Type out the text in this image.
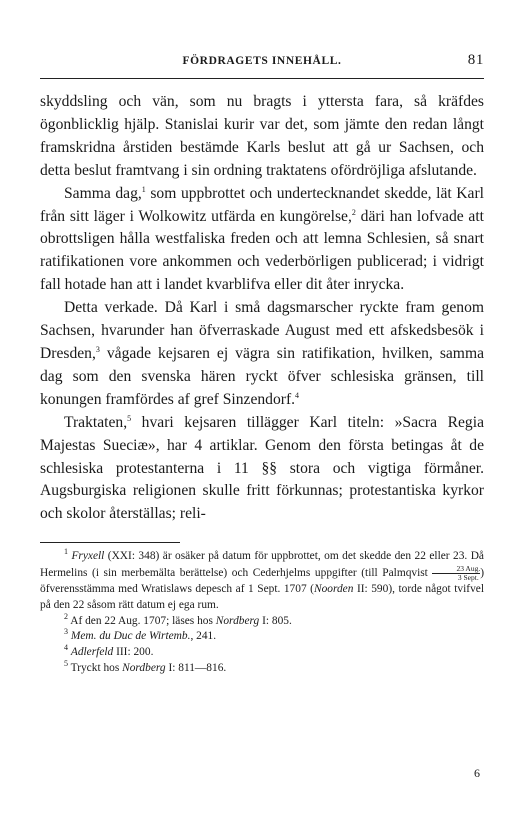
FÖRDRAGETS INNEHÅLL.	81

skyddsling och vän, som nu bragts i yttersta fara, så kräfdes ögonblicklig hjälp. Stanislai kurir var det, som jämte den redan långt framskridna årstiden bestämde Karls beslut att gå ur Sachsen, och detta beslut framtvang i sin ordning traktatens ofördröjliga afslutande.

Samma dag,$^1$ som uppbrottet och undertecknandet skedde, lät Karl från sitt läger i Wolkowitz utfärda en kungörelse,$^2$ däri han lofvade att obrottsligen hålla westfaliska freden och att lemna Schlesien, så snart ratifikationen vore ankommen och vederbörligen publicerad; i vidrigt fall hotade han att i landet kvarblifva eller dit åter inrycka.

Detta verkade. Då Karl i små dagsmarscher ryckte fram genom Sachsen, hvarunder han öfverraskade August med ett afskedsbesök i Dresden,$^3$ vågade kejsaren ej vägra sin ratifikation, hvilken, samma dag som den svenska hären ryckt öfver schlesiska gränsen, till konungen framfördes af gref Sinzendorf.$^4$

Traktaten,$^5$ hvari kejsaren tillägger Karl titeln: »Sacra Regia Majestas Sueciæ», har 4 artiklar. Genom den första betingas åt de schlesiska protestanterna i 11 §§ stora och vigtiga förmåner. Augsburgiska religionen skulle fritt förkunnas; protestantiska kyrkor och skolor återställas; reli-

$^1$ Fryxell (XXI: 348) är osäker på datum för uppbrottet, om det skedde den 22 eller 23. Då Hermelins (i sin merbemälta berättelse) och Cederhjelms uppgifter (till Palmqvist $\frac{\text{23 Aug.}}{\text{3 Sept.}}$ ) öfverensstämma med Wratislaws depesch af 1 Sept. 1707 (Noorden II: 590), torde något tvifvel på den 22 såsom rätt datum ej ega rum.

$^2$ Af den 22 Aug. 1707; läses hos Nordberg I: 805.

$^3$ Mem. du Duc de Wirtemb., 241.

$^4$ Adlerfeld III: 200.

$^5$ Tryckt hos Nordberg I: 811—816.

6
